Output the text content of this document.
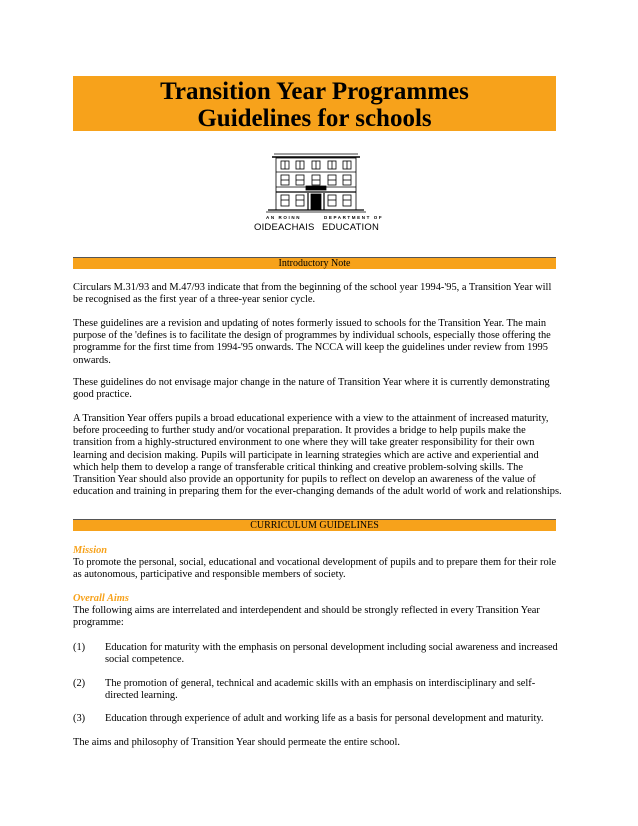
Transition Year Programmes
Guidelines for schools
AN ROINN	DEPARTMENT OF
OIDEACHAIS EDUCATION
Introductory Note

Circulars M.31/93 and M.47/93 indicate that from the beginning of the school year 1994-'95, a Transition Year will be recognised as the first year of a three-year senior cycle.

These guidelines are a revision and updating of notes formerly issued to schools for the Transition Year. The main purpose of the 'defines is to facilitate the design of programmes by individual schools, especially those offering the programme for the first time from 1994-'95 onwards. The NCCA will keep the guidelines under review from 1995 onwards.

These guidelines do not envisage major change in the nature of Transition Year where it is currently demonstrating good practice.

A Transition Year offers pupils a broad educational experience with a view to the attainment of increased maturity, before proceeding to further study and/or vocational preparation. It provides a bridge to help pupils make the transition from a highly-structured environment to one where they will take greater responsibility for their own learning and decision making. Pupils will participate in learning strategies which are active and experiential and which help them to develop a range of transferable critical thinking and creative problem-solving skills. The Transition Year should also provide an opportunity for pupils to reflect on develop an awareness of the value of education and training in preparing them for the ever-changing demands of the adult world of work and relationships.

CURRICULUM GUIDELINES

Mission

To promote the personal, social, educational and vocational development of pupils and to prepare them for their role as autonomous, participative and responsible members of society.

Overall Aims

The following aims are interrelated and interdependent and should be strongly reflected in every Transition Year programme:

(1) Education for maturity with the emphasis on personal development including social awareness and increased social competence.
(2) The promotion of general, technical and academic skills with an emphasis on interdisciplinary and self-directed learning.
(3) Education through experience of adult and working life as a basis for personal development and maturity.

The aims and philosophy of Transition Year should permeate the entire school.
